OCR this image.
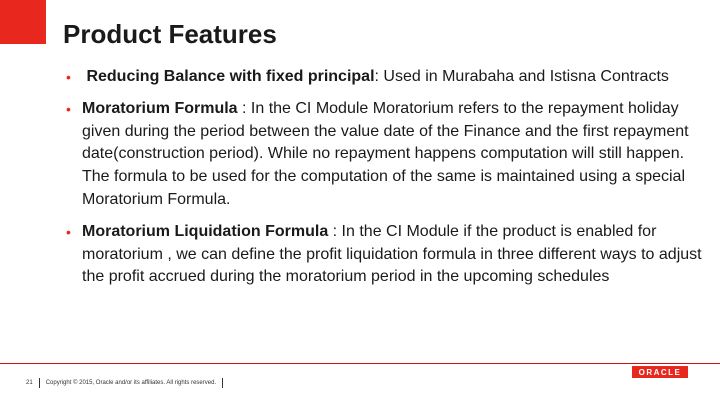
Product Features
• Reducing Balance with fixed principal: Used in Murabaha and Istisna Contracts
• Moratorium Formula : In the CI Module Moratorium refers to the repayment holiday given during the period between the value date of the Finance and the first repayment date(construction period). While no repayment happens computation will still happen. The formula to be used for the computation of the same is maintained using a special Moratorium Formula.
• Moratorium Liquidation Formula : In the CI Module if the product is enabled for moratorium , we can define the profit liquidation formula in three different ways to adjust the profit accrued during the moratorium period in the upcoming schedules
21 Copyright © 2015, Oracle and/or its affiliates. All rights reserved.
ORACLE
